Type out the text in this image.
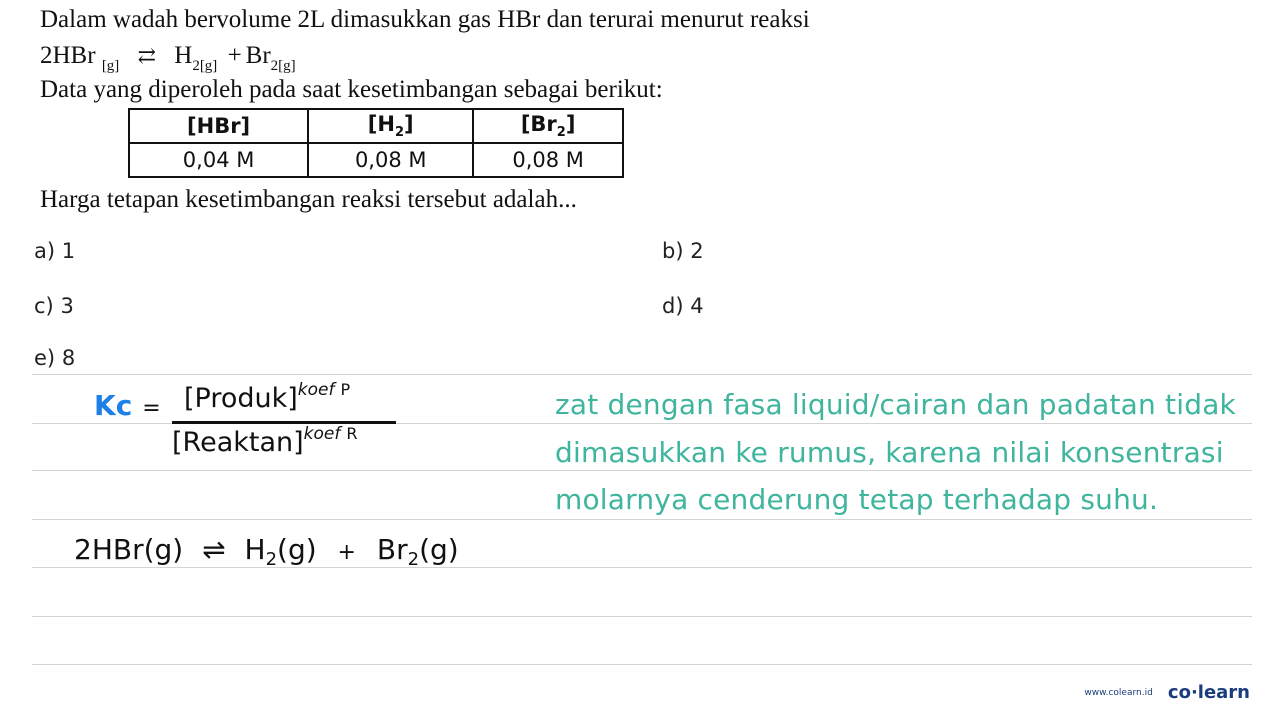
Dalam wadah bervolume 2L dimasukkan gas HBr dan terurai menurut reaksi
2HBr $_{[g]}$ ⇄ $H_{2[g]} + Br_{2[g]}$
Data yang diperoleh pada saat kesetimbangan sebagai berikut:
[HBr]	$[H_2]$	$[Br_2]$
0,04 M	0,08 M	0,08 M
Harga tetapan kesetimbangan reaksi tersebut adalah...
a) 1	b) 2
c) 3	d) 4
e) 8
Kc = [Produk]$^{koef}$ $^P$
[Reaktan]$^{koef}$ $^R$
zat dengan fasa liquid/cairan dan padatan tidak
dimasukkan ke rumus, karena nilai konsentrasi
molarnya cenderung tetap terhadap suhu.
2HBr(g) ⇌ $H_2(g) + Br_2(g)$
www.colearn.id co·learn
